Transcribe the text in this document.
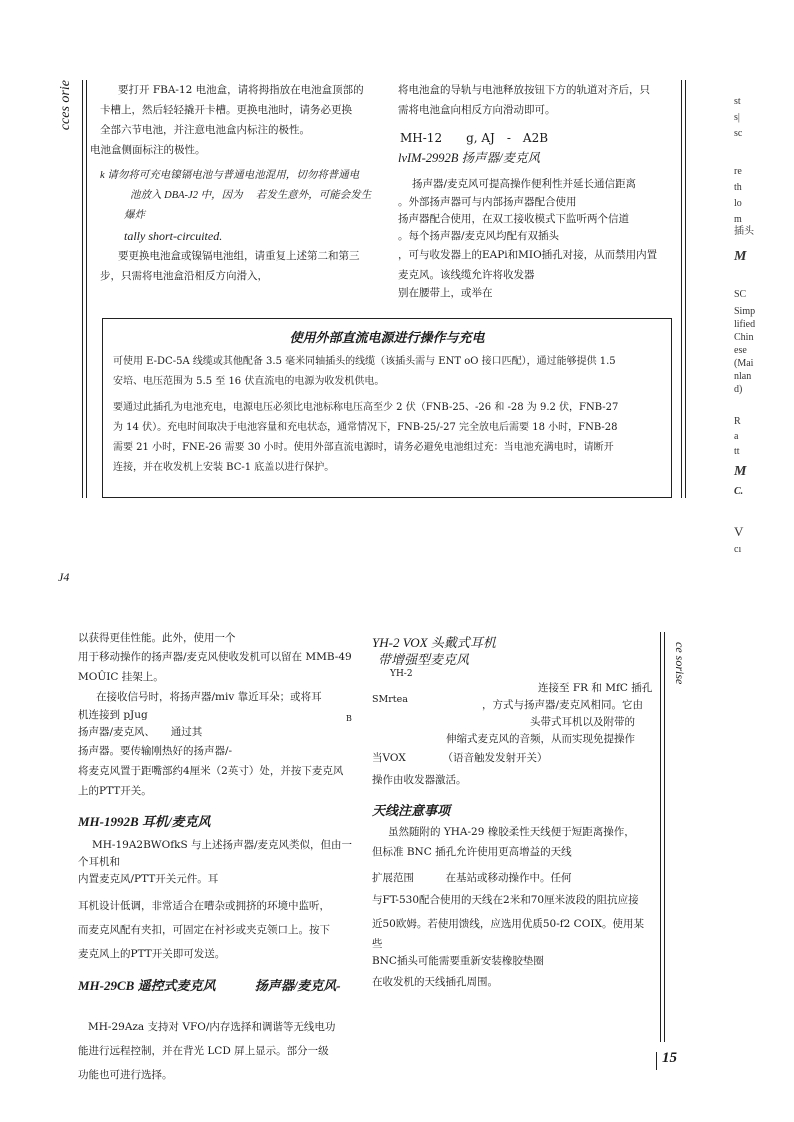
cces orie	要打开 FBA-12 电池盒，请将拇指放在电池盒顶部的
卡槽上，然后轻轻撬开卡槽。更换电池时，请务必更换
全部六节电池，并注意电池盒内标注的极性。
电池盒侧面标注的极性。
k 请勿将可充电镍镉电池与普通电池混用，切勿将普通电
池放入 DBA-J2 中，因为　 若发生意外，可能会发生
爆炸
tally short-circuited.
要更换电池盒或镍镉电池组，请重复上述第二和第三
步，只需将电池盒沿相反方向滑入，
将电池盒的导轨与电池释放按钮下方的轨道对齐后，只
需将电池盒向相反方向滑动即可。
MH-12　　g, AJ　-　A2B
lvIM-2992B 扬声器/麦克风
扬声器/麦克风可提高操作便利性并延长通信距离
。外部扬声器可与内部扬声器配合使用
扬声器配合使用，在双工接收模式下监听两个信道
。每个扬声器/麦克风均配有双插头
，可与收发器上的EAPi和MIO插孔对接，从而禁用内置
麦克风。该线缆允许将收发器
别在腰带上，或举在
使用外部直流电源进行操作与充电
可使用 E-DC-5A 线缆或其他配备 3.5 毫米同轴插头的线缆（该插头需与 ENT oO 接口匹配），通过能够提供 1.5
安培、电压范围为 5.5 至 16 伏直流电的电源为收发机供电。
要通过此插孔为电池充电，电源电压必须比电池标称电压高至少 2 伏（FNB-25、-26 和 -28 为 9.2 伏，FNB-27
为 14 伏）。充电时间取决于电池容量和充电状态，通常情况下，FNB-25/-27 完全放电后需要 18 小时，FNB-28
需要 21 小时，FNE-26 需要 30 小时。使用外部直流电源时，请务必避免电池组过充：当电池充满电时，请断开
连接，并在收发机上安装 BC-1 底盖以进行保护。
st
s|
sc
re
th
lo
m
插头
M
SC
Simp
lified
Chin
ese
(Mai
nlan
d)
R
a
tt
M
C.
V
cı
J4
以获得更佳性能。此外，使用一个
用于移动操作的扬声器/麦克风使收发机可以留在 MMB-49
MOÛIC 挂架上。
在接收信号时，将扬声器/miv 靠近耳朵；或将耳
机连接到 pJug
扬声器/麦克风、　　通过其
扬声器。要传输刚热好的扬声器/-
将麦克风置于距嘴部约4厘米（2英寸）处，并按下麦克风
上的PTT开关。
MH-1992B 耳机/麦克风
MH-19A2BWOfkS 与上述扬声器/麦克风类似，但由一
个耳机和
内置麦克风/PTT开关元件。耳
耳机设计低调，非常适合在嘈杂或拥挤的环境中监听，
而麦克风配有夹扣，可固定在衬衫或夹克领口上。按下
麦克风上的PTT开关即可发送。
MH-29CB 遥控式麦克风	扬声器/麦克风-
MH-29Aza 支持对 VFO/内存选择和调谐等无线电功
能进行远程控制，并在背光 LCD 屏上显示。部分一级
功能也可进行选择。
B
YH-2 VOX 头戴式耳机
带增强型麦克风
YH-2
SMrtea
连接至 FR 和 MfC 插孔
，方式与扬声器/麦克风相同。它由
头带式耳机以及附带的
伸缩式麦克风的音频，从而实现免提操作
当VOX　　　　（语音触发发射开关）
操作由收发器激活。
天线注意事项
虽然随附的 YHA-29 橡胶柔性天线便于短距离操作，
但标准 BNC 插孔允许使用更高增益的天线
扩展范围　　　在基站或移动操作中。任何
与FT-530配合使用的天线在2米和70厘米波段的阻抗应接
近50欧姆。若使用馈线，应选用优质50-f2 COIX。使用某
些
BNC插头可能需要重新安装橡胶垫圈
在收发机的天线插孔周围。
ce sorise
15
